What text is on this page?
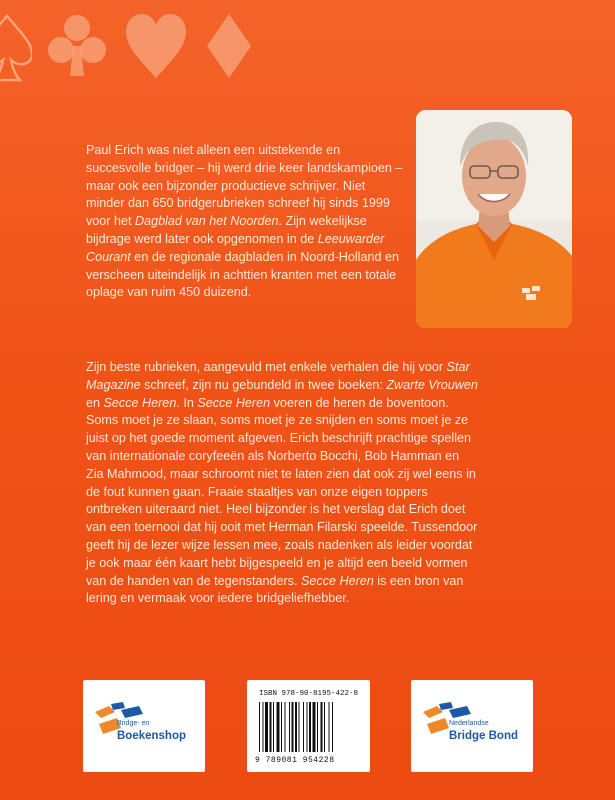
Paul Erich was niet alleen een uitstekende en succesvolle bridger – hij werd drie keer landskampioen – maar ook een bijzonder productieve schrijver. Niet minder dan 650 bridgerubrieken schreef hij sinds 1999 voor het Dagblad van het Noorden. Zijn wekelijkse bijdrage werd later ook opgenomen in de Leeuwarder Courant en de regionale dagbladen in Noord-Holland en verscheen uiteindelijk in achttien kranten met een totale oplage van ruim 450 duizend.

Zijn beste rubrieken, aangevuld met enkele verhalen die hij voor Star Magazine schreef, zijn nu gebundeld in twee boeken: Zwarte Vrouwen en Secce Heren. In Secce Heren voeren de heren de boventoon. Soms moet je ze slaan, soms moet je ze snijden en soms moet je ze juist op het goede moment afgeven. Erich beschrijft prachtige spellen van internationale coryfeeën als Norberto Bocchi, Bob Hamman en Zia Mahmood, maar schroomt niet te laten zien dat ook zij wel eens in de fout kunnen gaan. Fraaie staaltjes van onze eigen toppers ontbreken uiteraard niet. Heel bijzonder is het verslag dat Erich doet van een toernooi dat hij ooit met Herman Filarski speelde. Tussendoor geeft hij de lezer wijze lessen mee, zoals nadenken als leider voordat je ook maar één kaart hebt bijgespeeld en je altijd een beeld vormen van de handen van de tegenstanders. Secce Heren is een bron van lering en vermaak voor iedere bridgeliefhebber.

Bridge- en
Boekenshop
ISBN 978-90-8195-422-8
9 789081 954228
Nederlandse
Bridge Bond
